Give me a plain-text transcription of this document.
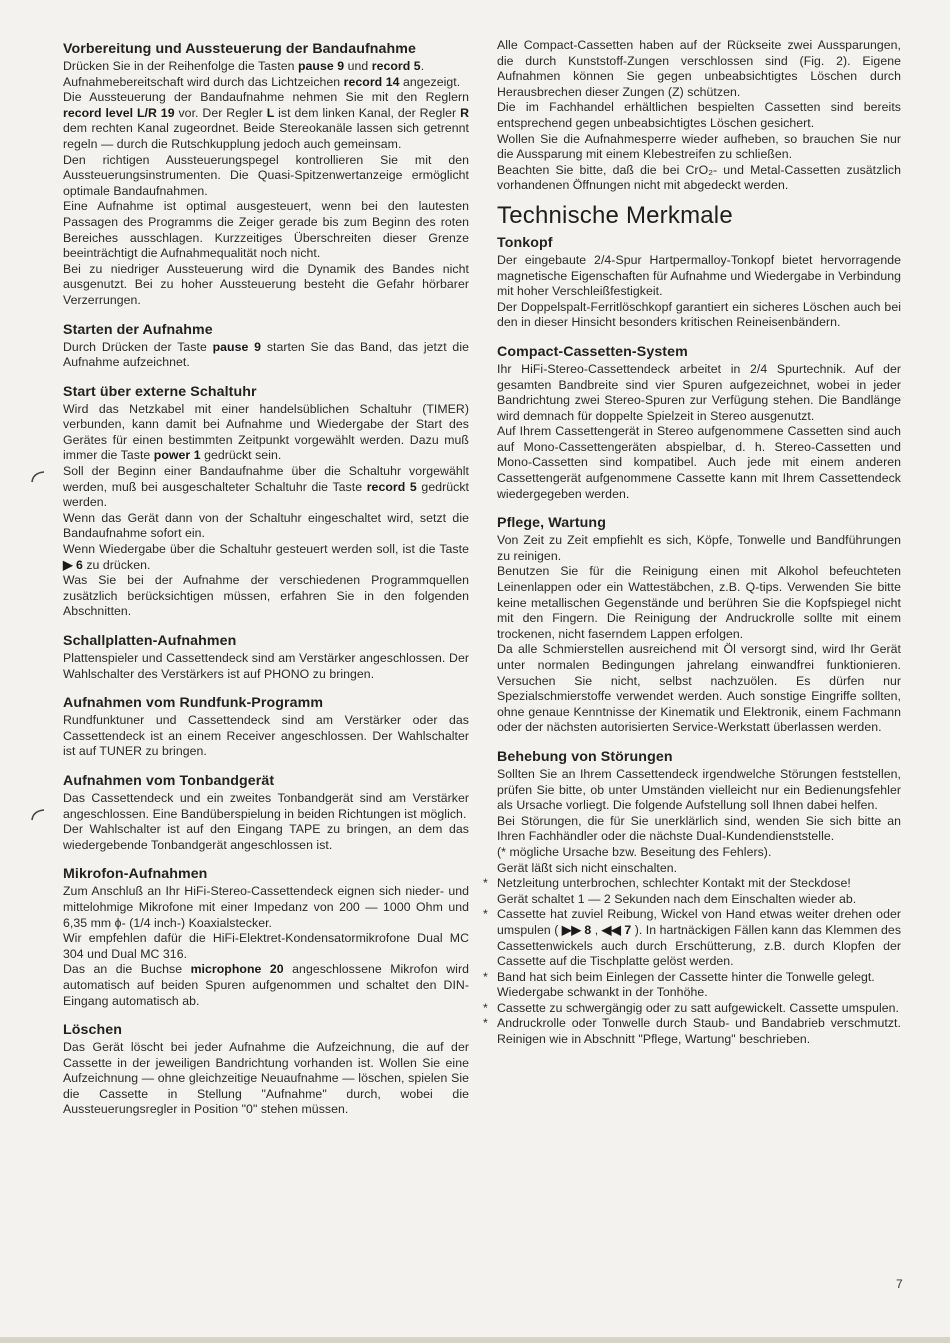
Vorbereitung und Aussteuerung der Bandaufnahme

Drücken Sie in der Reihenfolge die Tasten pause 9 und record 5.

Aufnahmebereitschaft wird durch das Lichtzeichen record 14 angezeigt.

Die Aussteuerung der Bandaufnahme nehmen Sie mit den Reglern record level L/R 19 vor. Der Regler L ist dem linken Kanal, der Regler R dem rechten Kanal zugeordnet. Beide Stereokanäle lassen sich getrennt regeln — durch die Rutschkupplung jedoch auch gemeinsam.

Den richtigen Aussteuerungspegel kontrollieren Sie mit den Aussteuerungsinstrumenten. Die Quasi-Spitzenwertanzeige ermöglicht optimale Bandaufnahmen.

Eine Aufnahme ist optimal ausgesteuert, wenn bei den lautesten Passagen des Programms die Zeiger gerade bis zum Beginn des roten Bereiches ausschlagen. Kurzzeitiges Überschreiten dieser Grenze beeinträchtigt die Aufnahmequalität noch nicht.

Bei zu niedriger Aussteuerung wird die Dynamik des Bandes nicht ausgenutzt. Bei zu hoher Aussteuerung besteht die Gefahr hörbarer Verzerrungen.

Starten der Aufnahme

Durch Drücken der Taste pause 9 starten Sie das Band, das jetzt die Aufnahme aufzeichnet.

Start über externe Schaltuhr

Wird das Netzkabel mit einer handelsüblichen Schaltuhr (TIMER) verbunden, kann damit bei Aufnahme und Wiedergabe der Start des Gerätes für einen bestimmten Zeitpunkt vorgewählt werden. Dazu muß immer die Taste power 1 gedrückt sein.

Soll der Beginn einer Bandaufnahme über die Schaltuhr vorgewählt werden, muß bei ausgeschalteter Schaltuhr die Taste record 5 gedrückt werden.

Wenn das Gerät dann von der Schaltuhr eingeschaltet wird, setzt die Bandaufnahme sofort ein.

Wenn Wiedergabe über die Schaltuhr gesteuert werden soll, ist die Taste ▶ 6 zu drücken.

Was Sie bei der Aufnahme der verschiedenen Programmquellen zusätzlich berücksichtigen müssen, erfahren Sie in den folgenden Abschnitten.

Schallplatten-Aufnahmen

Plattenspieler und Cassettendeck sind am Verstärker angeschlossen. Der Wahlschalter des Verstärkers ist auf PHONO zu bringen.

Aufnahmen vom Rundfunk-Programm

Rundfunktuner und Cassettendeck sind am Verstärker oder das Cassettendeck ist an einem Receiver angeschlossen. Der Wahlschalter ist auf TUNER zu bringen.

Aufnahmen vom Tonbandgerät

Das Cassettendeck und ein zweites Tonbandgerät sind am Verstärker angeschlossen. Eine Bandüberspielung in beiden Richtungen ist möglich.

Der Wahlschalter ist auf den Eingang TAPE zu bringen, an dem das wiedergebende Tonbandgerät angeschlossen ist.

Mikrofon-Aufnahmen

Zum Anschluß an Ihr HiFi-Stereo-Cassettendeck eignen sich nieder- und mittelohmige Mikrofone mit einer Impedanz von 200 — 1000 Ohm und 6,35 mm ϕ- (1/4 inch-) Koaxialstecker.

Wir empfehlen dafür die HiFi-Elektret-Kondensatormikrofone Dual MC 304 und Dual MC 316.

Das an die Buchse microphone 20 angeschlossene Mikrofon wird automatisch auf beiden Spuren aufgenommen und schaltet den DIN-Eingang automatisch ab.

Löschen

Das Gerät löscht bei jeder Aufnahme die Aufzeichnung, die auf der Cassette in der jeweiligen Bandrichtung vorhanden ist. Wollen Sie eine Aufzeichnung — ohne gleichzeitige Neuaufnahme — löschen, spielen Sie die Cassette in Stellung "Aufnahme" durch, wobei die Aussteuerungsregler in Position "0" stehen müssen.

Alle Compact-Cassetten haben auf der Rückseite zwei Aussparungen, die durch Kunststoff-Zungen verschlossen sind (Fig. 2). Eigene Aufnahmen können Sie gegen unbeabsichtigtes Löschen durch Herausbrechen dieser Zungen (Z) schützen.

Die im Fachhandel erhältlichen bespielten Cassetten sind bereits entsprechend gegen unbeabsichtigtes Löschen gesichert.

Wollen Sie die Aufnahmesperre wieder aufheben, so brauchen Sie nur die Aussparung mit einem Klebestreifen zu schließen.

Beachten Sie bitte, daß die bei CrO₂- und Metal-Cassetten zusätzlich vorhandenen Öffnungen nicht mit abgedeckt werden.

Technische Merkmale
Tonkopf

Der eingebaute 2/4-Spur Hartpermalloy-Tonkopf bietet hervorragende magnetische Eigenschaften für Aufnahme und Wiedergabe in Verbindung mit hoher Verschleißfestigkeit.

Der Doppelspalt-Ferritlöschkopf garantiert ein sicheres Löschen auch bei den in dieser Hinsicht besonders kritischen Reineisenbändern.

Compact-Cassetten-System

Ihr HiFi-Stereo-Cassettendeck arbeitet in 2/4 Spurtechnik. Auf der gesamten Bandbreite sind vier Spuren aufgezeichnet, wobei in jeder Bandrichtung zwei Stereo-Spuren zur Verfügung stehen. Die Bandlänge wird demnach für doppelte Spielzeit in Stereo ausgenutzt.

Auf Ihrem Cassettengerät in Stereo aufgenommene Cassetten sind auch auf Mono-Cassettengeräten abspielbar, d. h. Stereo-Cassetten und Mono-Cassetten sind kompatibel. Auch jede mit einem anderen Cassettengerät aufgenommene Cassette kann mit Ihrem Cassettendeck wiedergegeben werden.

Pflege, Wartung

Von Zeit zu Zeit empfiehlt es sich, Köpfe, Tonwelle und Bandführungen zu reinigen.

Benutzen Sie für die Reinigung einen mit Alkohol befeuchteten Leinenlappen oder ein Wattestäbchen, z.B. Q-tips. Verwenden Sie bitte keine metallischen Gegenstände und berühren Sie die Kopfspiegel nicht mit den Fingern. Die Reinigung der Andruckrolle sollte mit einem trockenen, nicht faserndem Lappen erfolgen.

Da alle Schmierstellen ausreichend mit Öl versorgt sind, wird Ihr Gerät unter normalen Bedingungen jahrelang einwandfrei funktionieren. Versuchen Sie nicht, selbst nachzuölen. Es dürfen nur Spezialschmierstoffe verwendet werden. Auch sonstige Eingriffe sollten, ohne genaue Kenntnisse der Kinematik und Elektronik, einem Fachmann oder der nächsten autorisierten Service-Werkstatt überlassen werden.

Behebung von Störungen

Sollten Sie an Ihrem Cassettendeck irgendwelche Störungen feststellen, prüfen Sie bitte, ob unter Umständen vielleicht nur ein Bedienungsfehler als Ursache vorliegt. Die folgende Aufstellung soll Ihnen dabei helfen.

Bei Störungen, die für Sie unerklärlich sind, wenden Sie sich bitte an Ihren Fachhändler oder die nächste Dual-Kundendienststelle.

(* mögliche Ursache bzw. Beseitung des Fehlers).

Gerät läßt sich nicht einschalten.

* Netzleitung unterbrochen, schlechter Kontakt mit der Steckdose!

Gerät schaltet 1 — 2 Sekunden nach dem Einschalten wieder ab.

* Cassette hat zuviel Reibung, Wickel von Hand etwas weiter drehen oder umspulen ( ▶▶ 8 , ◀◀ 7 ). In hartnäckigen Fällen kann das Klemmen des Cassettenwickels auch durch Erschütterung, z.B. durch Klopfen der Cassette auf die Tischplatte gelöst werden.

* Band hat sich beim Einlegen der Cassette hinter die Tonwelle gelegt.

Wiedergabe schwankt in der Tonhöhe.

* Cassette zu schwergängig oder zu satt aufgewickelt. Cassette umspulen.

* Andruckrolle oder Tonwelle durch Staub- und Bandabrieb verschmutzt. Reinigen wie in Abschnitt "Pflege, Wartung" beschrieben.

7
